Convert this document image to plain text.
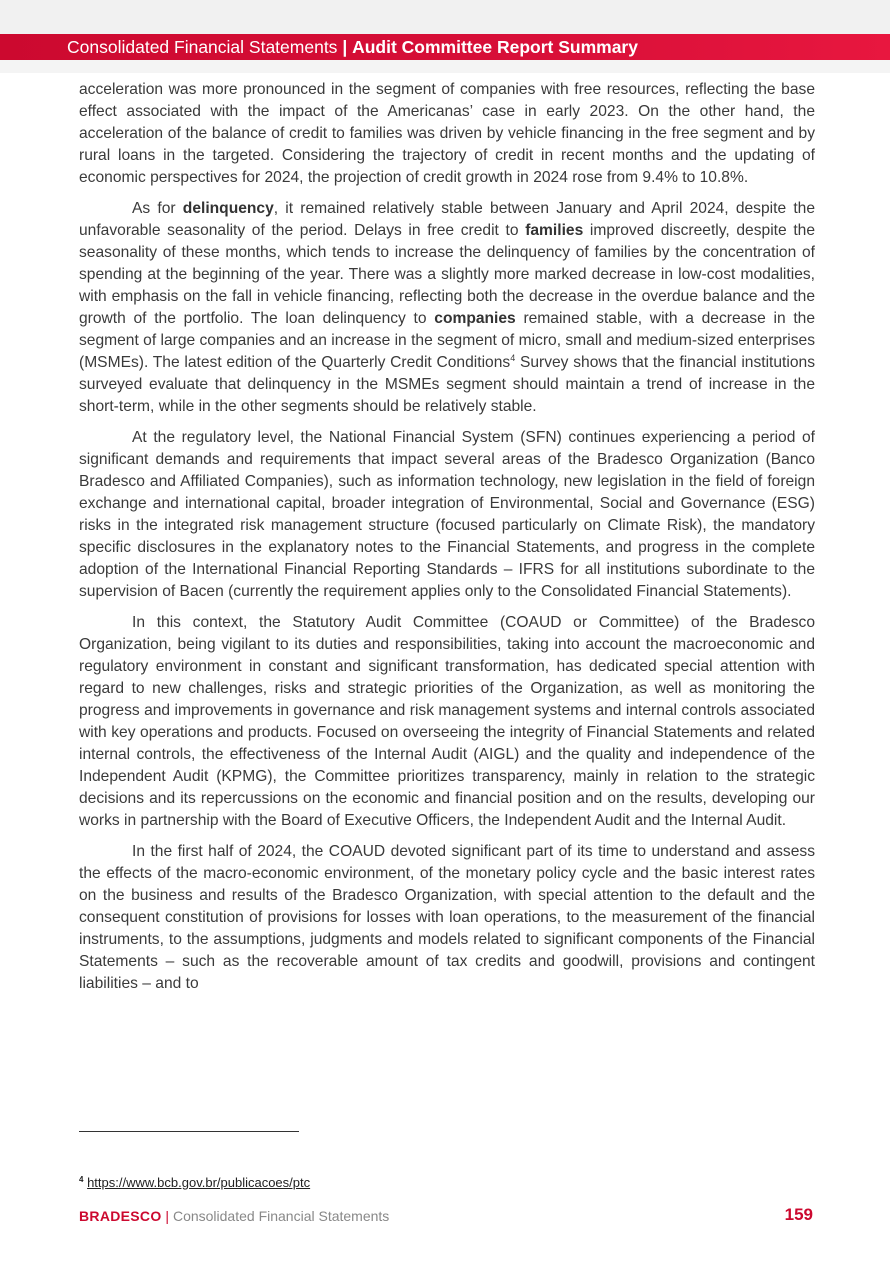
Consolidated Financial Statements | Audit Committee Report Summary

acceleration was more pronounced in the segment of companies with free resources, reflecting the base effect associated with the impact of the Americanas’ case in early 2023. On the other hand, the acceleration of the balance of credit to families was driven by vehicle financing in the free segment and by rural loans in the targeted. Considering the trajectory of credit in recent months and the updating of economic perspectives for 2024, the projection of credit growth in 2024 rose from 9.4% to 10.8%.

As for delinquency, it remained relatively stable between January and April 2024, despite the unfavorable seasonality of the period. Delays in free credit to families improved discreetly, despite the seasonality of these months, which tends to increase the delinquency of families by the concentration of spending at the beginning of the year. There was a slightly more marked decrease in low-cost modalities, with emphasis on the fall in vehicle financing, reflecting both the decrease in the overdue balance and the growth of the portfolio. The loan delinquency to companies remained stable, with a decrease in the segment of large companies and an increase in the segment of micro, small and medium-sized enterprises (MSMEs). The latest edition of the Quarterly Credit Conditions$^4$ Survey shows that the financial institutions surveyed evaluate that delinquency in the MSMEs segment should maintain a trend of increase in the short-term, while in the other segments should be relatively stable.

At the regulatory level, the National Financial System (SFN) continues experiencing a period of significant demands and requirements that impact several areas of the Bradesco Organization (Banco Bradesco and Affiliated Companies), such as information technology, new legislation in the field of foreign exchange and international capital, broader integration of Environmental, Social and Governance (ESG) risks in the integrated risk management structure (focused particularly on Climate Risk), the mandatory specific disclosures in the explanatory notes to the Financial Statements, and progress in the complete adoption of the International Financial Reporting Standards – IFRS for all institutions subordinate to the supervision of Bacen (currently the requirement applies only to the Consolidated Financial Statements).

In this context, the Statutory Audit Committee (COAUD or Committee) of the Bradesco Organization, being vigilant to its duties and responsibilities, taking into account the macroeconomic and regulatory environment in constant and significant transformation, has dedicated special attention with regard to new challenges, risks and strategic priorities of the Organization, as well as monitoring the progress and improvements in governance and risk management systems and internal controls associated with key operations and products. Focused on overseeing the integrity of Financial Statements and related internal controls, the effectiveness of the Internal Audit (AIGL) and the quality and independence of the Independent Audit (KPMG), the Committee prioritizes transparency, mainly in relation to the strategic decisions and its repercussions on the economic and financial position and on the results, developing our works in partnership with the Board of Executive Officers, the Independent Audit and the Internal Audit.

In the first half of 2024, the COAUD devoted significant part of its time to understand and assess the effects of the macro-economic environment, of the monetary policy cycle and the basic interest rates on the business and results of the Bradesco Organization, with special attention to the default and the consequent constitution of provisions for losses with loan operations, to the measurement of the financial instruments, to the assumptions, judgments and models related to significant components of the Financial Statements – such as the recoverable amount of tax credits and goodwill, provisions and contingent liabilities – and to

$^4$ https://www.bcb.gov.br/publicacoes/ptc
BRADESCO | Consolidated Financial Statements	159
